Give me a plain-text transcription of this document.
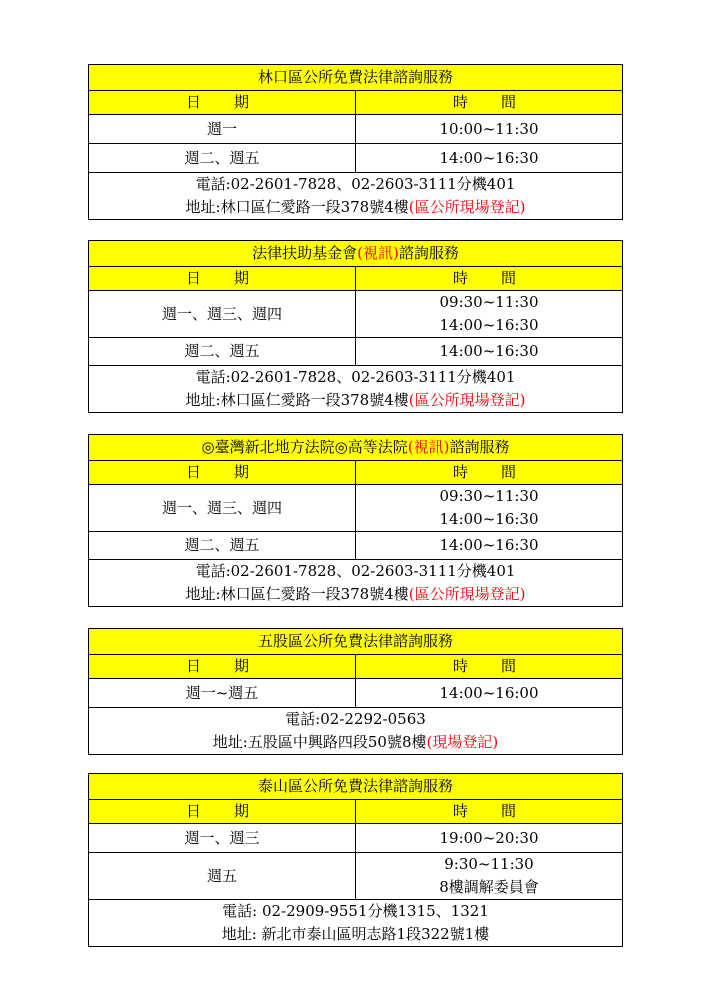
林口區公所免費法律諮詢服務	
日　期	時　間
週一	10:00~11:30
週二、週五	14:00~16:30

電話:02-2601-7828、02-2603-3111分機401
地址:林口區仁愛路一段378號4樓(區公所現場登記)	
法律扶助基金會(視訊)諮詢服務	
日　期	時　間
週一、週三、週四	09:30~11:30
14:00~16:30

週二、週五	14:00~16:30

電話:02-2601-7828、02-2603-3111分機401
地址:林口區仁愛路一段378號4樓(區公所現場登記)	
◎臺灣新北地方法院◎高等法院(視訊)諮詢服務	
日　期	時　間
週一、週三、週四	09:30~11:30
14:00~16:30

週二、週五	14:00~16:30

電話:02-2601-7828、02-2603-3111分機401
地址:林口區仁愛路一段378號4樓(區公所現場登記)	
五股區公所免費法律諮詢服務	
日　期	時　間
週一~週五	14:00~16:00

電話:02-2292-0563
地址:五股區中興路四段50號8樓(現場登記)	
泰山區公所免費法律諮詢服務	
日　期	時　間
週一、週三	19:00~20:30
週五	9:30~11:30
8樓調解委員會

電話: 02-2909-9551分機1315、1321
地址: 新北市泰山區明志路1段322號1樓	
